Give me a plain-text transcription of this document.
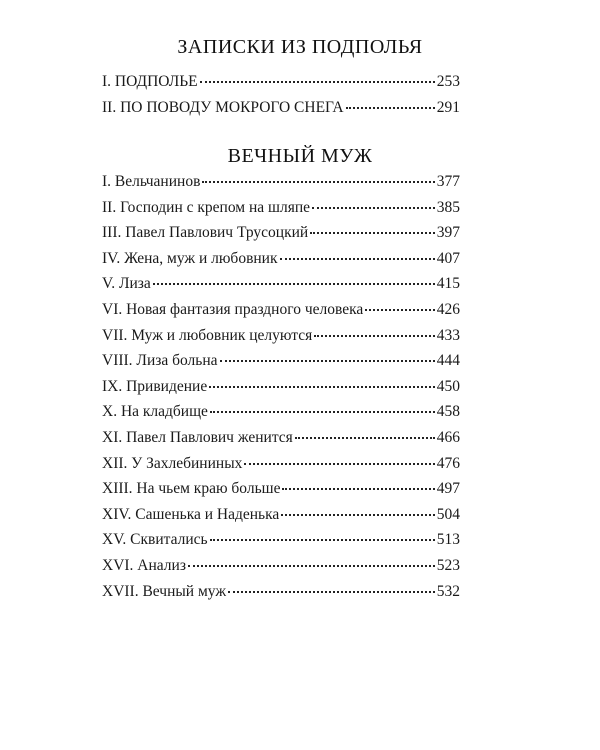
ЗАПИСКИ ИЗ ПОДПОЛЬЯ
I. ПОДПОЛЬЕ	253
II. ПО ПОВОДУ МОКРОГО СНЕГА	291
ВЕЧНЫЙ МУЖ
I. Вельчанинов	377
II. Господин с крепом на шляпе	385
III. Павел Павлович Трусоцкий	397
IV. Жена, муж и любовник	407
V. Лиза	415
VI. Новая фантазия праздного человека	426
VII. Муж и любовник целуются	433
VIII. Лиза больна	444
IX. Привидение	450
X. На кладбище	458
XI. Павел Павлович женится	466
XII. У Захлебининых	476
XIII. На чьем краю больше	497
XIV. Сашенька и Наденька	504
XV. Сквитались	513
XVI. Анализ	523
XVII. Вечный муж	532
